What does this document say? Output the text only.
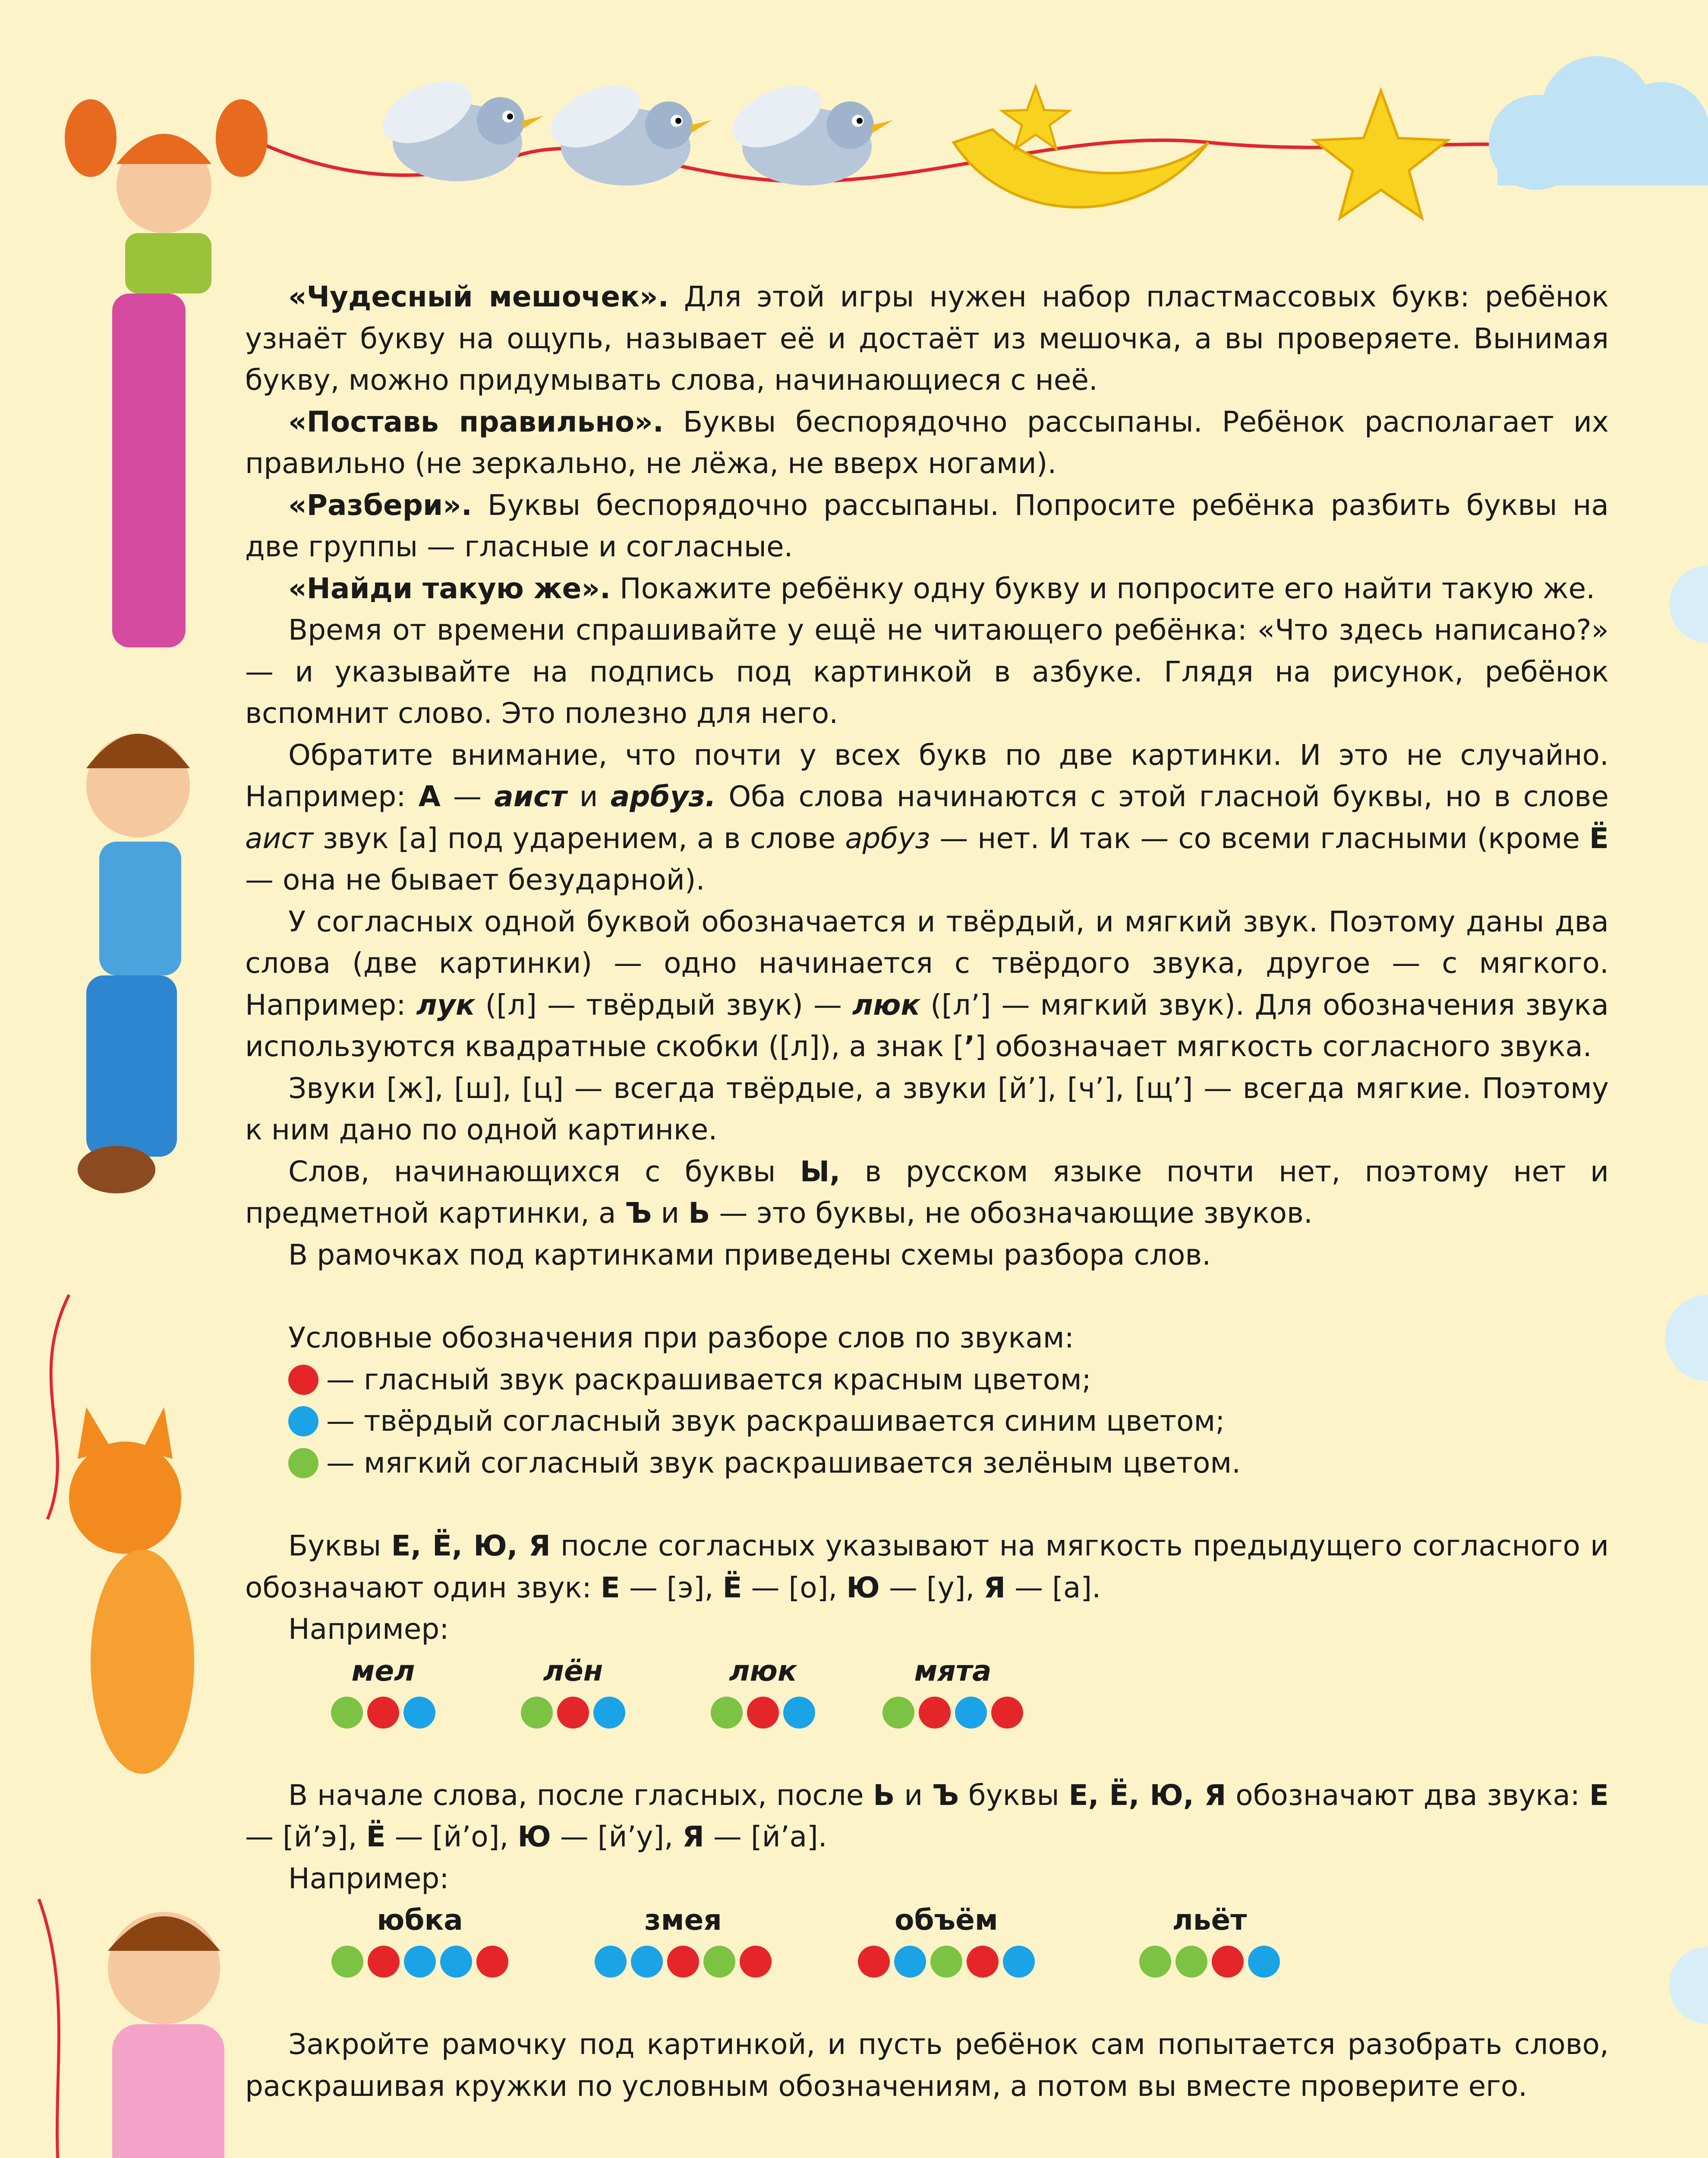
«Чудесный мешочек». Для этой игры нужен набор пластмассовых букв: ребёнок узнаёт букву на ощупь, называет её и достаёт из мешочка, а вы проверяете. Вынимая букву, можно придумывать слова, начинающиеся с неё.

«Поставь правильно». Буквы беспорядочно рассыпаны. Ребёнок располагает их правильно (не зеркально, не лёжа, не вверх ногами).

«Разбери». Буквы беспорядочно рассыпаны. Попросите ребёнка разбить буквы на две группы — гласные и согласные.

«Найди такую же». Покажите ребёнку одну букву и попросите его найти такую же.

Время от времени спрашивайте у ещё не читающего ребёнка: «Что здесь написано?» — и указывайте на подпись под картинкой в азбуке. Глядя на рисунок, ребёнок вспомнит слово. Это полезно для него.

Обратите внимание, что почти у всех букв по две картинки. И это не случайно. Например: А — аист и арбуз. Оба слова начинаются с этой гласной буквы, но в слове аист звук [а] под ударением, а в слове арбуз — нет. И так — со всеми гласными (кроме Ё — она не бывает безударной).

У согласных одной буквой обозначается и твёрдый, и мягкий звук. Поэтому даны два слова (две картинки) — одно начинается с твёрдого звука, другое — с мягкого. Например: лук ([л] — твёрдый звук) — люк ([л’] — мягкий звук). Для обозначения звука используются квадратные скобки ([л]), а знак [’] обозначает мягкость согласного звука.

Звуки [ж], [ш], [ц] — всегда твёрдые, а звуки [й’], [ч’], [щ’] — всегда мягкие. Поэтому к ним дано по одной картинке.

Слов, начинающихся с буквы Ы, в русском языке почти нет, поэтому нет и предметной картинки, а Ъ и Ь — это буквы, не обозначающие звуков.

В рамочках под картинками приведены схемы разбора слов.

Условные обозначения при разборе слов по звукам:

— гласный звук раскрашивается красным цветом;
— твёрдый согласный звук раскрашивается синим цветом;
— мягкий согласный звук раскрашивается зелёным цветом.

Буквы Е, Ё, Ю, Я после согласных указывают на мягкость предыдущего согласного и обозначают один звук: Е — [э], Ё — [о], Ю — [у], Я — [а].

Например:

мел	лён	люк	мята

В начале слова, после гласных, после Ь и Ъ буквы Е, Ё, Ю, Я обозначают два звука: Е — [й’э], Ё — [й’о], Ю — [й’у], Я — [й’а].

Например:

юбка	змея	объём	льёт

Закройте рамочку под картинкой, и пусть ребёнок сам попытается разобрать слово, раскрашивая кружки по условным обозначениям, а потом вы вместе проверите его.
